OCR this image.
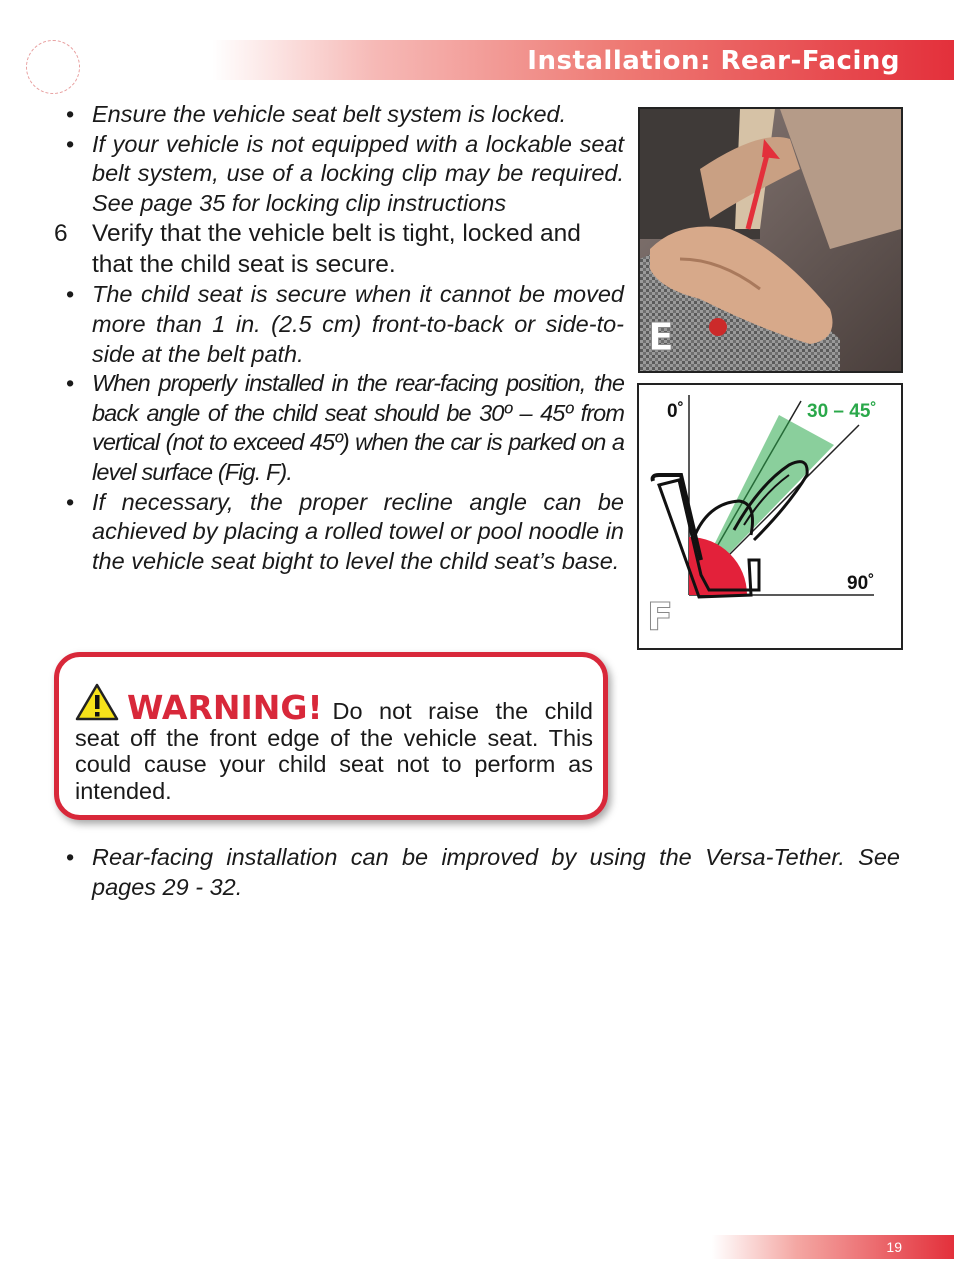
Installation: Rear-Facing
• Ensure the vehicle seat belt system is locked.
• If your vehicle is not equipped with a lockable seat belt system, use of a locking clip may be required. See page 35 for locking clip instructions
6 Verify that the vehicle belt is tight, locked and that the child seat is secure.
• The child seat is secure when it cannot be moved more than 1 in. (2.5 cm) front-to-back or side-to-side at the belt path.
• When properly installed in the rear-facing position, the back angle of the child seat should be 30º – 45º from vertical (not to exceed 45º) when the car is parked on a level surface (Fig. F).
• If necessary, the proper recline angle can be achieved by placing a rolled towel or pool noodle in the vehicle seat bight to level the child seat’s base.
E
0˚	30 – 45˚
90˚
F
WARNING! Do not raise the child seat off the front edge of the vehicle seat. This could cause your child seat not to perform as intended.
• Rear-facing installation can be improved by using the Versa-Tether. See pages 29 - 32.
19
